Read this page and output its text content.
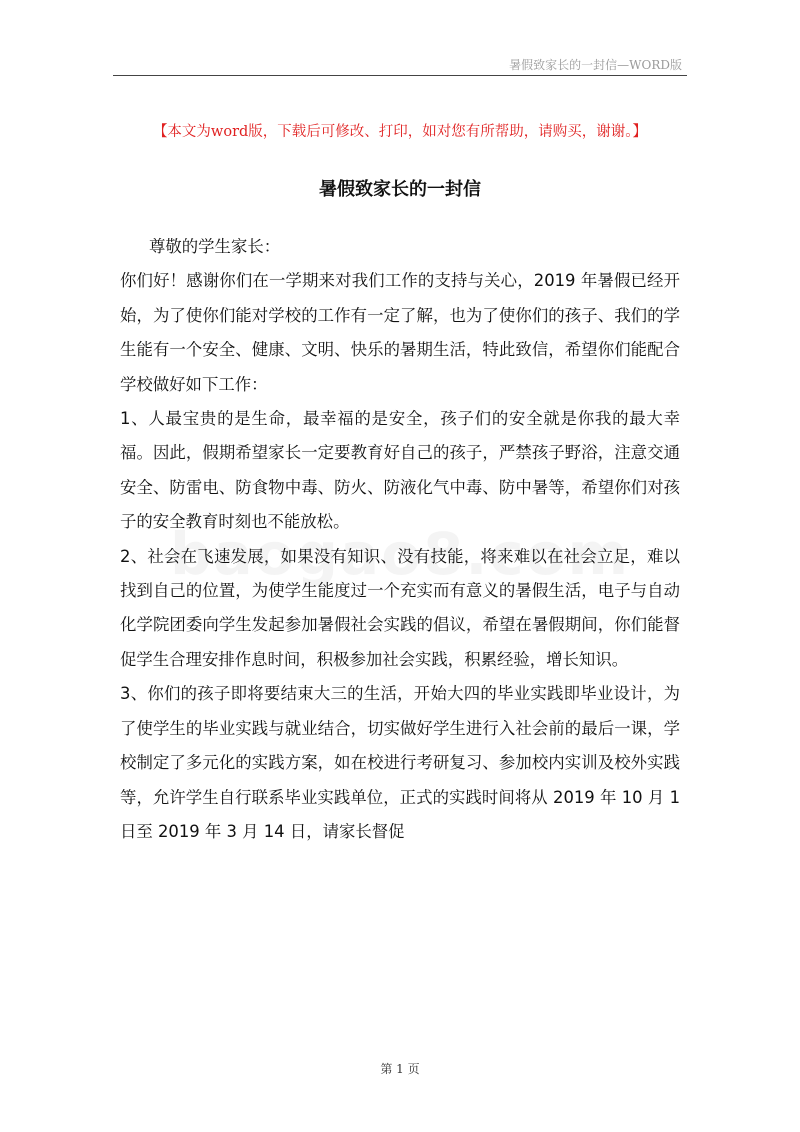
暑假致家长的一封信—WORD版
【本文为word版，下载后可修改、打印，如对您有所帮助，请购买，谢谢。】
暑假致家长的一封信

尊敬的学生家长：

你们好！感谢你们在一学期来对我们工作的支持与关心，2019 年暑假已经开始，为了使你们能对学校的工作有一定了解，也为了使你们的孩子、我们的学生能有一个安全、健康、文明、快乐的暑期生活，特此致信，希望你们能配合学校做好如下工作：

1、人最宝贵的是生命，最幸福的是安全，孩子们的安全就是你我的最大幸福。因此，假期希望家长一定要教育好自己的孩子，严禁孩子野浴，注意交通安全、防雷电、防食物中毒、防火、防液化气中毒、防中暑等，希望你们对孩子的安全教育时刻也不能放松。

2、社会在飞速发展，如果没有知识、没有技能，将来难以在社会立足，难以找到自己的位置，为使学生能度过一个充实而有意义的暑假生活，电子与自动化学院团委向学生发起参加暑假社会实践的倡议，希望在暑假期间，你们能督促学生合理安排作息时间，积极参加社会实践，积累经验，增长知识。

3、你们的孩子即将要结束大三的生活，开始大四的毕业实践即毕业设计，为了使学生的毕业实践与就业结合，切实做好学生进行入社会前的最后一课，学校制定了多元化的实践方案，如在校进行考研复习、参加校内实训及校外实践等，允许学生自行联系毕业实践单位，正式的实践时间将从 2019 年 10 月 1 日至 2019 年 3 月 14 日，请家长督促

第 1 页
